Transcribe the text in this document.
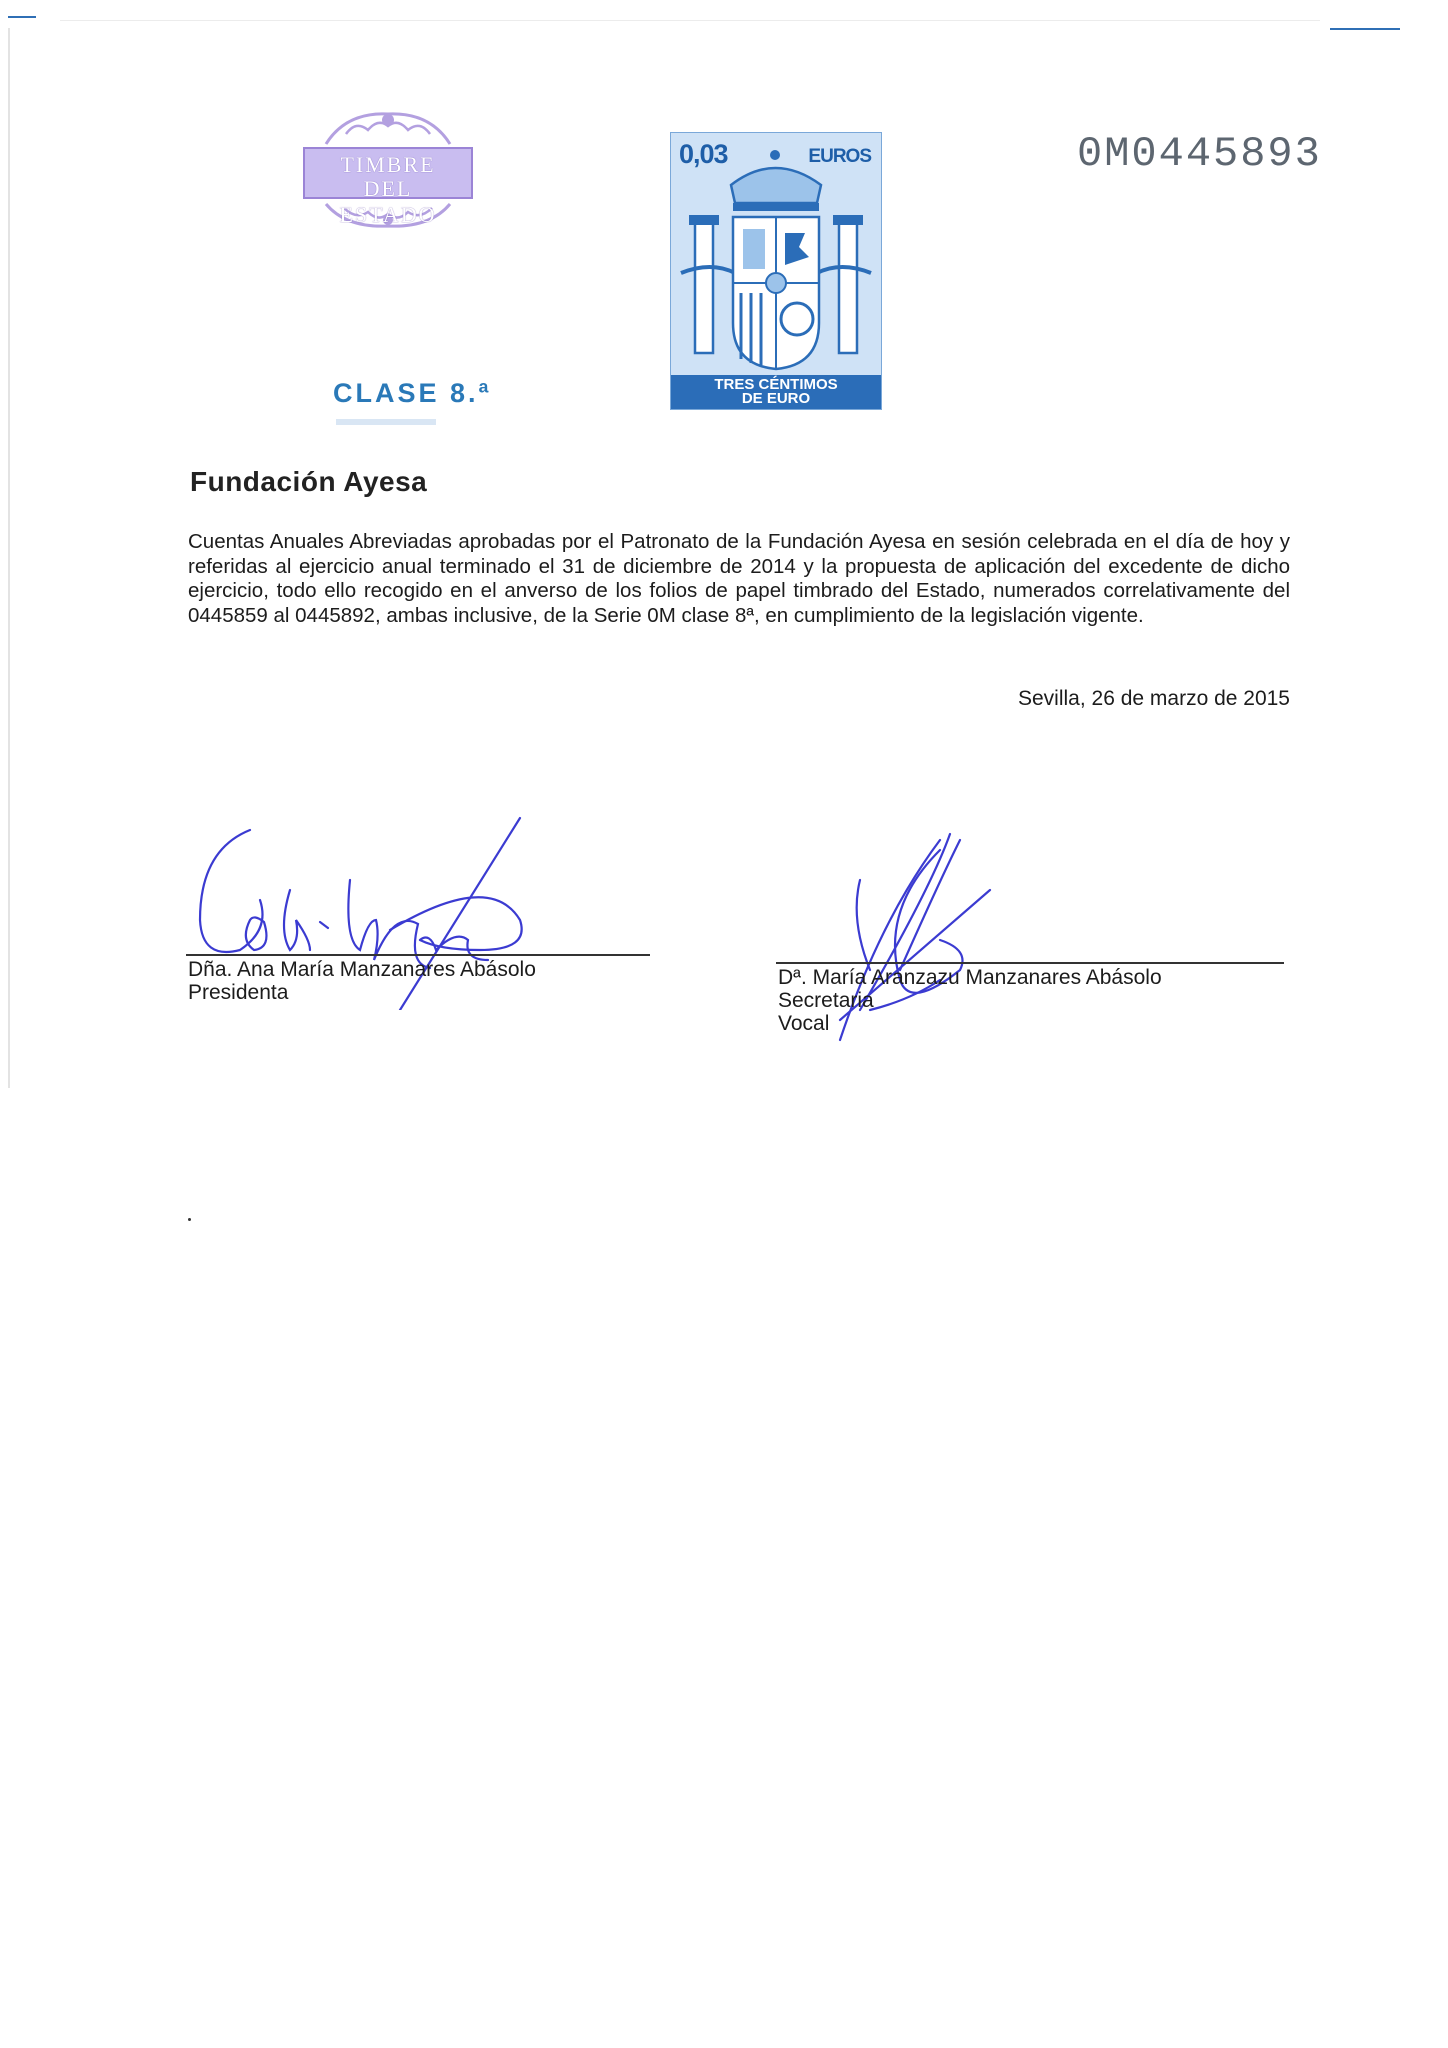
TIMBRE
DEL ESTADO
0,03	EUROS
TRES CÉNTIMOS
DE EURO
CLASE 8.ª
0M0445893
Fundación Ayesa
Cuentas Anuales Abreviadas aprobadas por el Patronato de la Fundación Ayesa en sesión celebrada en el día de hoy y referidas al ejercicio anual terminado el 31 de diciembre de 2014 y la propuesta de aplicación del excedente de dicho ejercicio, todo ello recogido en el anverso de los folios de papel timbrado del Estado, numerados correlativamente del 0445859 al 0445892, ambas inclusive, de la Serie 0M clase 8ª, en cumplimiento de la legislación vigente.
Sevilla, 26 de marzo de 2015
Dña. Ana María Manzanares Abásolo
Presidenta
Dª. María Aranzazu Manzanares Abásolo
Secretaria
Vocal
